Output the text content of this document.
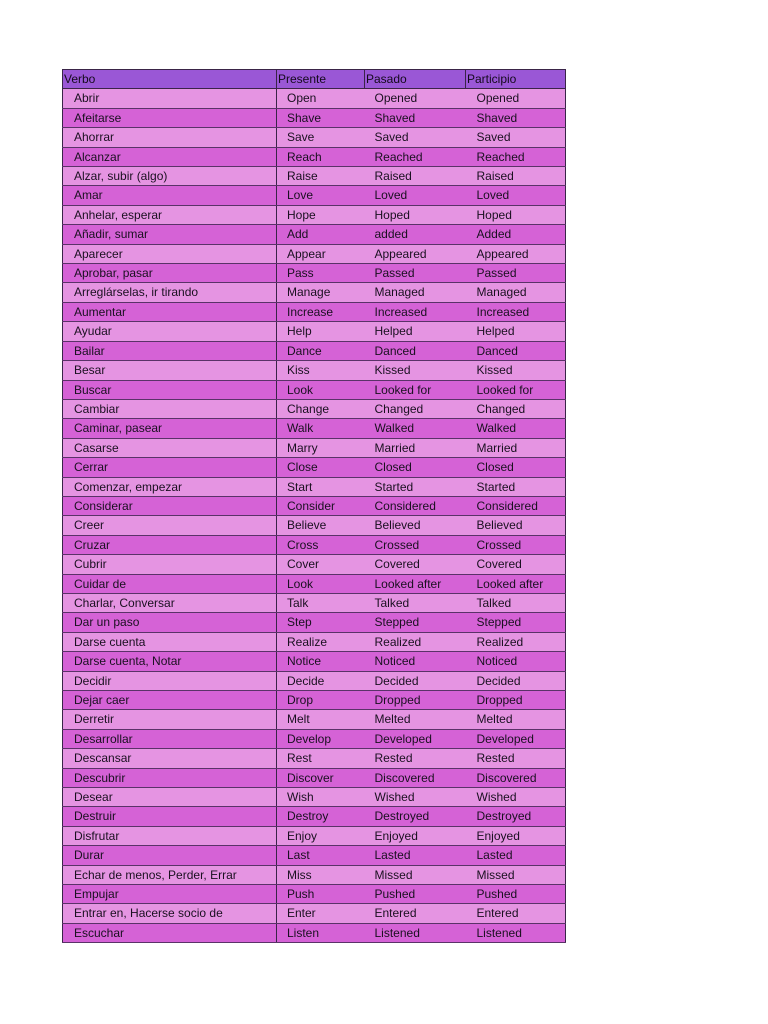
Verbo	Presente	Pasado	Participio
Abrir	Open	Opened	Opened
Afeitarse	Shave	Shaved	Shaved
Ahorrar	Save	Saved	Saved
Alcanzar	Reach	Reached	Reached
Alzar, subir (algo)	Raise	Raised	Raised
Amar	Love	Loved	Loved
Anhelar, esperar	Hope	Hoped	Hoped
Añadir, sumar	Add	added	Added
Aparecer	Appear	Appeared	Appeared
Aprobar, pasar	Pass	Passed	Passed
Arreglárselas, ir tirando	Manage	Managed	Managed
Aumentar	Increase	Increased	Increased
Ayudar	Help	Helped	Helped
Bailar	Dance	Danced	Danced
Besar	Kiss	Kissed	Kissed
Buscar	Look	Looked for	Looked for
Cambiar	Change	Changed	Changed
Caminar, pasear	Walk	Walked	Walked
Casarse	Marry	Married	Married
Cerrar	Close	Closed	Closed
Comenzar, empezar	Start	Started	Started
Considerar	Consider	Considered	Considered
Creer	Believe	Believed	Believed
Cruzar	Cross	Crossed	Crossed
Cubrir	Cover	Covered	Covered
Cuidar de	Look	Looked after	Looked after
Charlar, Conversar	Talk	Talked	Talked
Dar un paso	Step	Stepped	Stepped
Darse cuenta	Realize	Realized	Realized
Darse cuenta, Notar	Notice	Noticed	Noticed
Decidir	Decide	Decided	Decided
Dejar caer	Drop	Dropped	Dropped
Derretir	Melt	Melted	Melted
Desarrollar	Develop	Developed	Developed
Descansar	Rest	Rested	Rested
Descubrir	Discover	Discovered	Discovered
Desear	Wish	Wished	Wished
Destruir	Destroy	Destroyed	Destroyed
Disfrutar	Enjoy	Enjoyed	Enjoyed
Durar	Last	Lasted	Lasted
Echar de menos, Perder, Errar	Miss	Missed	Missed
Empujar	Push	Pushed	Pushed
Entrar en, Hacerse socio de	Enter	Entered	Entered
Escuchar	Listen	Listened	Listened
